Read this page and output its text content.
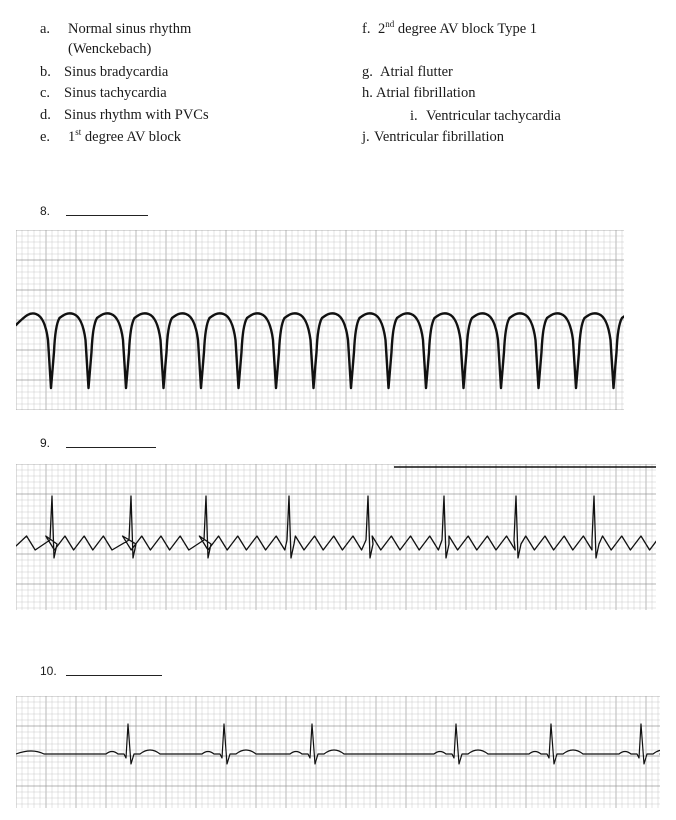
a. Normal sinus rhythm
(Wenckebach)
b. Sinus bradycardia
c. Sinus tachycardia
d. Sinus rhythm with PVCs
e. 1st degree AV block
f. 2nd degree AV block Type 1
g. Atrial flutter
h. Atrial fibrillation
i. Ventricular tachycardia
j. Ventricular fibrillation
8.
9.
10.
